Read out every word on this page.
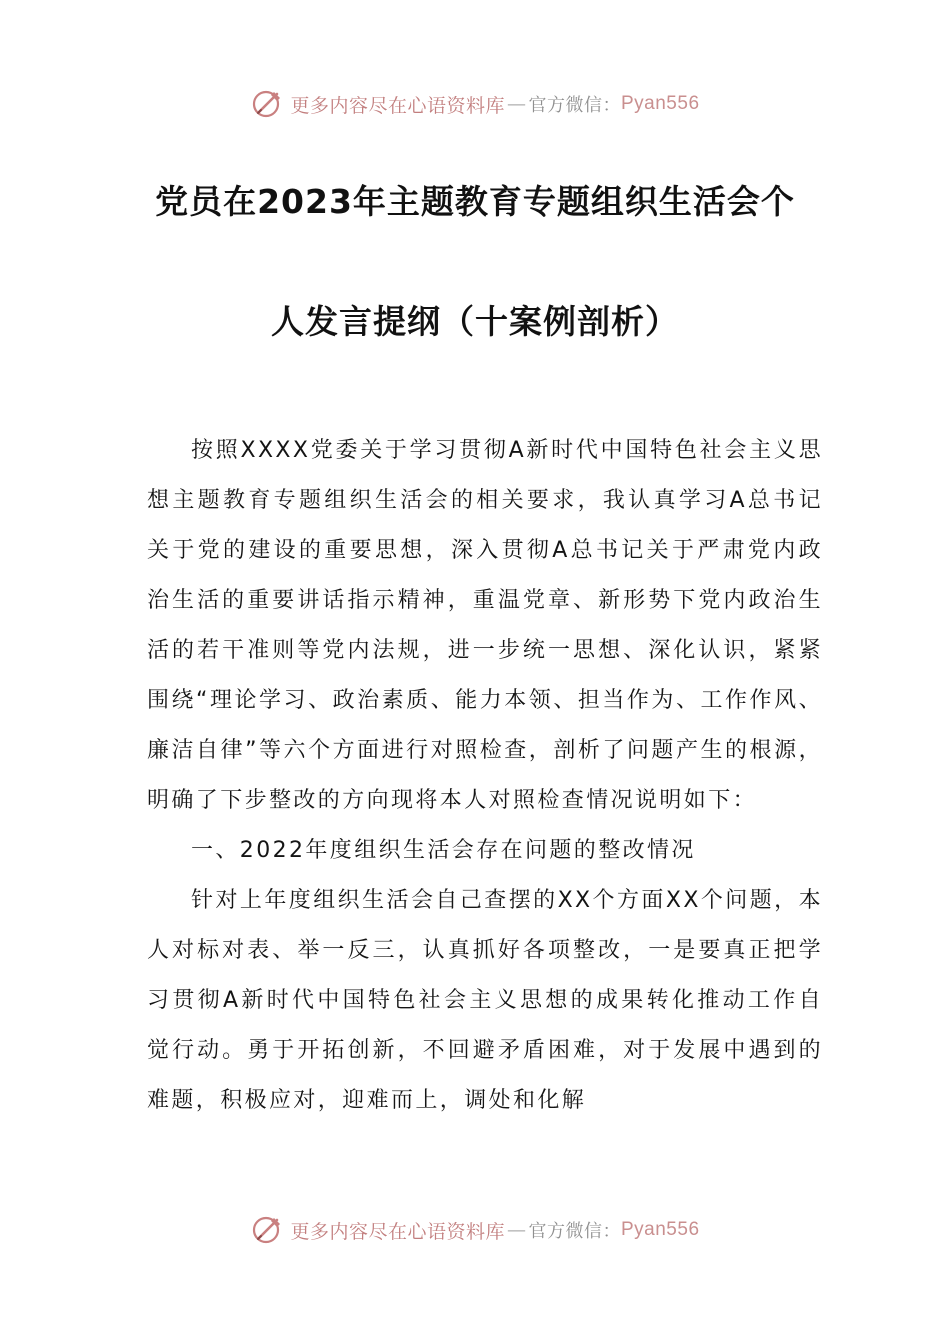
更多内容尽在心语资料库 — 官方微信： Pyan556
党员在2023年主题教育专题组织生活会个
人发言提纲（十案例剖析）

按照XXXX党委关于学习贯彻A新时代中国特色社会主义思想主题教育专题组织生活会的相关要求，我认真学习A总书记关于党的建设的重要思想，深入贯彻A总书记关于严肃党内政治生活的重要讲话指示精神，重温党章、新形势下党内政治生活的若干准则等党内法规，进一步统一思想、深化认识，紧紧围绕“理论学习、政治素质、能力本领、担当作为、工作作风、廉洁自律”等六个方面进行对照检查，剖析了问题产生的根源，明确了下步整改的方向现将本人对照检查情况说明如下：

一、2022年度组织生活会存在问题的整改情况

针对上年度组织生活会自己查摆的XX个方面XX个问题，本人对标对表、举一反三，认真抓好各项整改，一是要真正把学习贯彻A新时代中国特色社会主义思想的成果转化推动工作自觉行动。勇于开拓创新，不回避矛盾困难，对于发展中遇到的难题，积极应对，迎难而上，调处和化解

更多内容尽在心语资料库 — 官方微信： Pyan556
